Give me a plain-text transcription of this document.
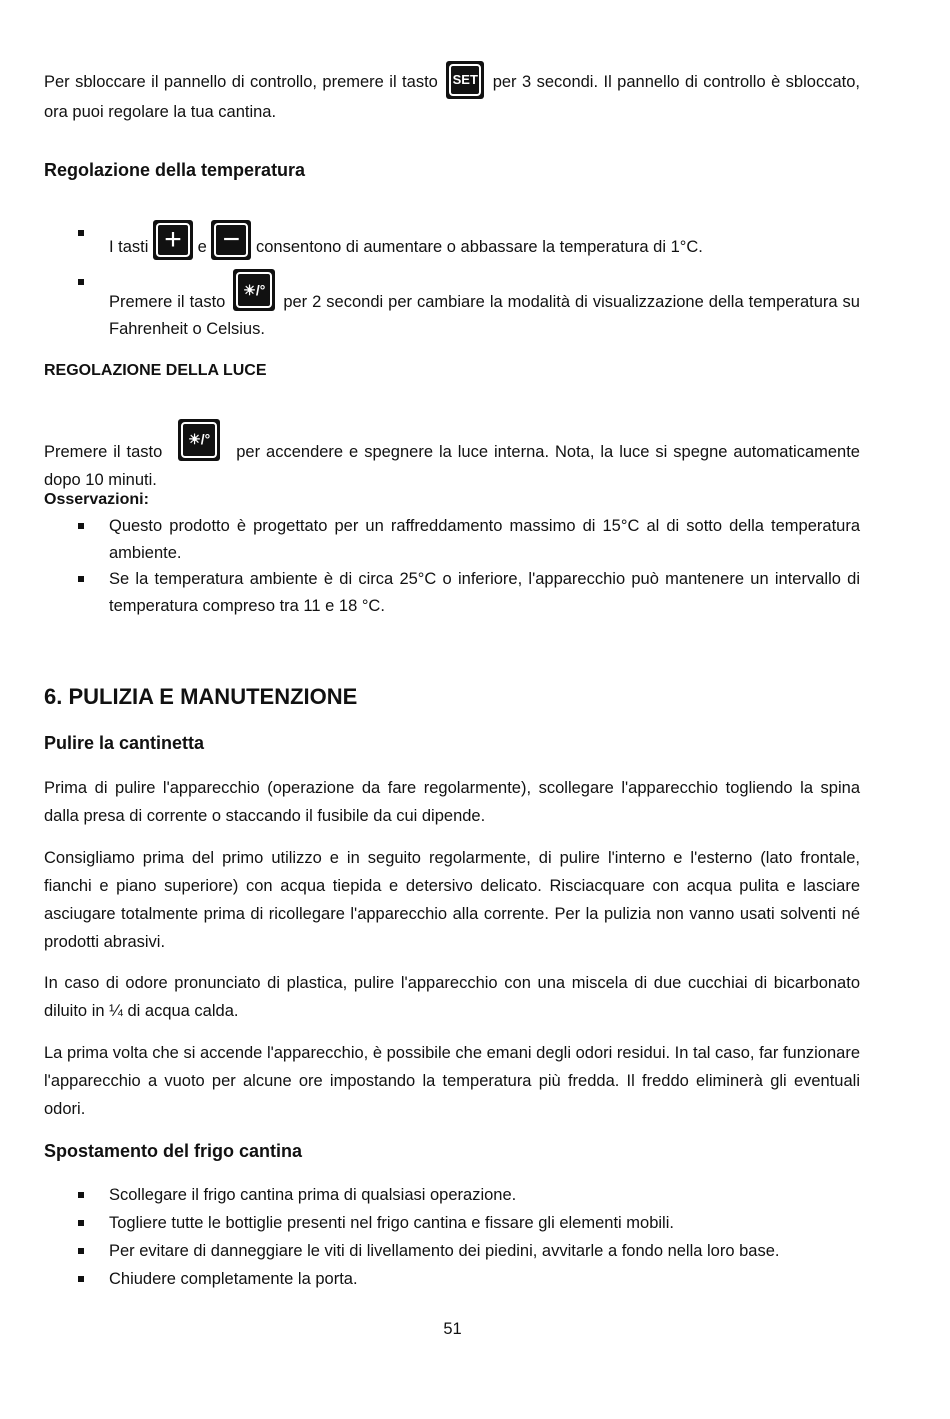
Per sbloccare il pannello di controllo, premere il tasto SET per 3 secondi. Il pannello di controllo è sbloccato, ora puoi regolare la tua cantina.
Regolazione della temperatura
I tasti + e − consentono di aumentare o abbassare la temperatura di 1°C.
Premere il tasto
☀/°
per 2 secondi per cambiare la modalità di visualizzazione della temperatura su Fahrenheit o Celsius.
REGOLAZIONE DELLA LUCE
Premere il tasto
☀/°
per accendere e spegnere la luce interna. Nota, la luce si spegne automaticamente dopo 10 minuti.
Osservazioni:
Questo prodotto è progettato per un raffreddamento massimo di 15°C al di sotto della temperatura ambiente.
Se la temperatura ambiente è di circa 25°C o inferiore, l'apparecchio può mantenere un intervallo di temperatura compreso tra 11 e 18 °C.
6. PULIZIA E MANUTENZIONE
Pulire la cantinetta
Prima di pulire l'apparecchio (operazione da fare regolarmente), scollegare l'apparecchio togliendo la spina dalla presa di corrente o staccando il fusibile da cui dipende.
Consigliamo prima del primo utilizzo e in seguito regolarmente, di pulire l'interno e l'esterno (lato frontale, fianchi e piano superiore) con acqua tiepida e detersivo delicato. Risciacquare con acqua pulita e lasciare asciugare totalmente prima di ricollegare l'apparecchio alla corrente. Per la pulizia non vanno usati solventi né prodotti abrasivi.
In caso di odore pronunciato di plastica, pulire l'apparecchio con una miscela di due cucchiai di bicarbonato diluito in ¼ di acqua calda.
La prima volta che si accende l'apparecchio, è possibile che emani degli odori residui. In tal caso, far funzionare l'apparecchio a vuoto per alcune ore impostando la temperatura più fredda. Il freddo eliminerà gli eventuali odori.
Spostamento del frigo cantina
Scollegare il frigo cantina prima di qualsiasi operazione.
Togliere tutte le bottiglie presenti nel frigo cantina e fissare gli elementi mobili.
Per evitare di danneggiare le viti di livellamento dei piedini, avvitarle a fondo nella loro base.
Chiudere completamente la porta.
51
